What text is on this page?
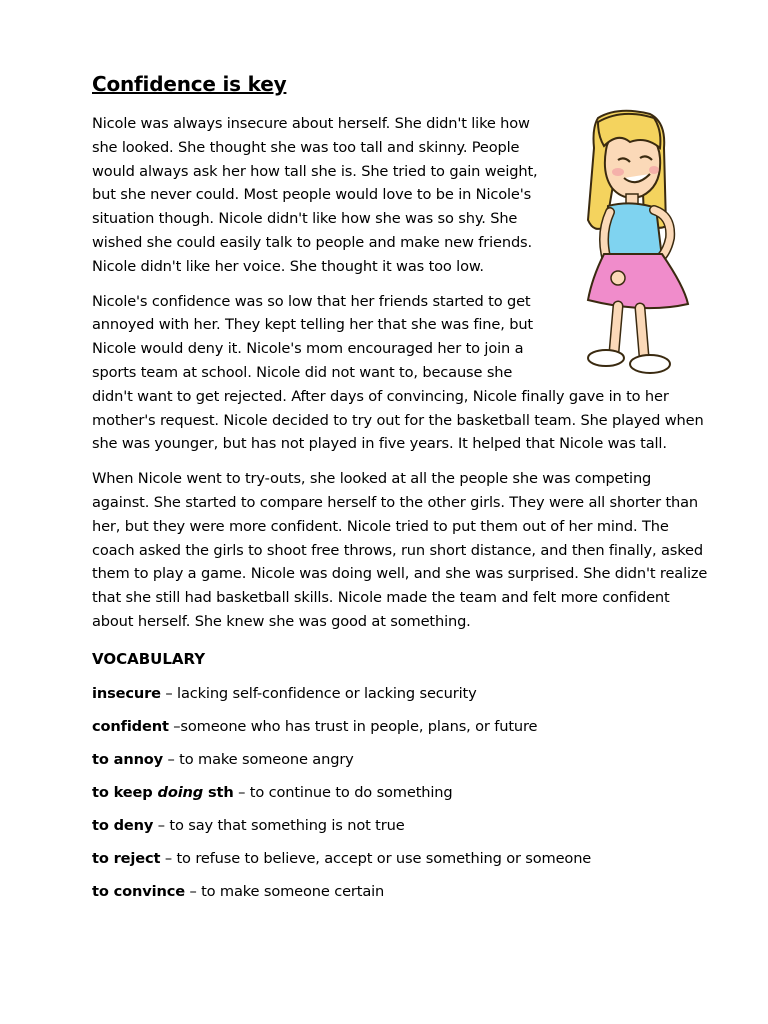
Confidence is key

Nicole was always insecure about herself. She didn't like how she looked. She thought she was too tall and skinny. People would always ask her how tall she is. She tried to gain weight, but she never could. Most people would love to be in Nicole's situation though. Nicole didn't like how she was so shy. She wished she could easily talk to people and make new friends. Nicole didn't like her voice. She thought it was too low.

Nicole's confidence was so low that her friends started to get annoyed with her. They kept telling her that she was fine, but Nicole would deny it. Nicole's mom encouraged her to join a sports team at school. Nicole did not want to, because she didn't want to get rejected. After days of convincing, Nicole finally gave in to her mother's request. Nicole decided to try out for the basketball team. She played when she was younger, but has not played in five years. It helped that Nicole was tall.

When Nicole went to try-outs, she looked at all the people she was competing against. She started to compare herself to the other girls. They were all shorter than her, but they were more confident. Nicole tried to put them out of her mind. The coach asked the girls to shoot free throws, run short distance, and then finally, asked them to play a game. Nicole was doing well, and she was surprised. She didn't realize that she still had basketball skills. Nicole made the team and felt more confident about herself. She knew she was good at something.

VOCABULARY
insecure – lacking self-confidence or lacking security
confident –someone who has trust in people, plans, or future
to annoy – to make someone angry
to keep doing sth – to continue to do something
to deny – to say that something is not true
to reject – to refuse to believe, accept or use something or someone
to convince – to make someone certain
